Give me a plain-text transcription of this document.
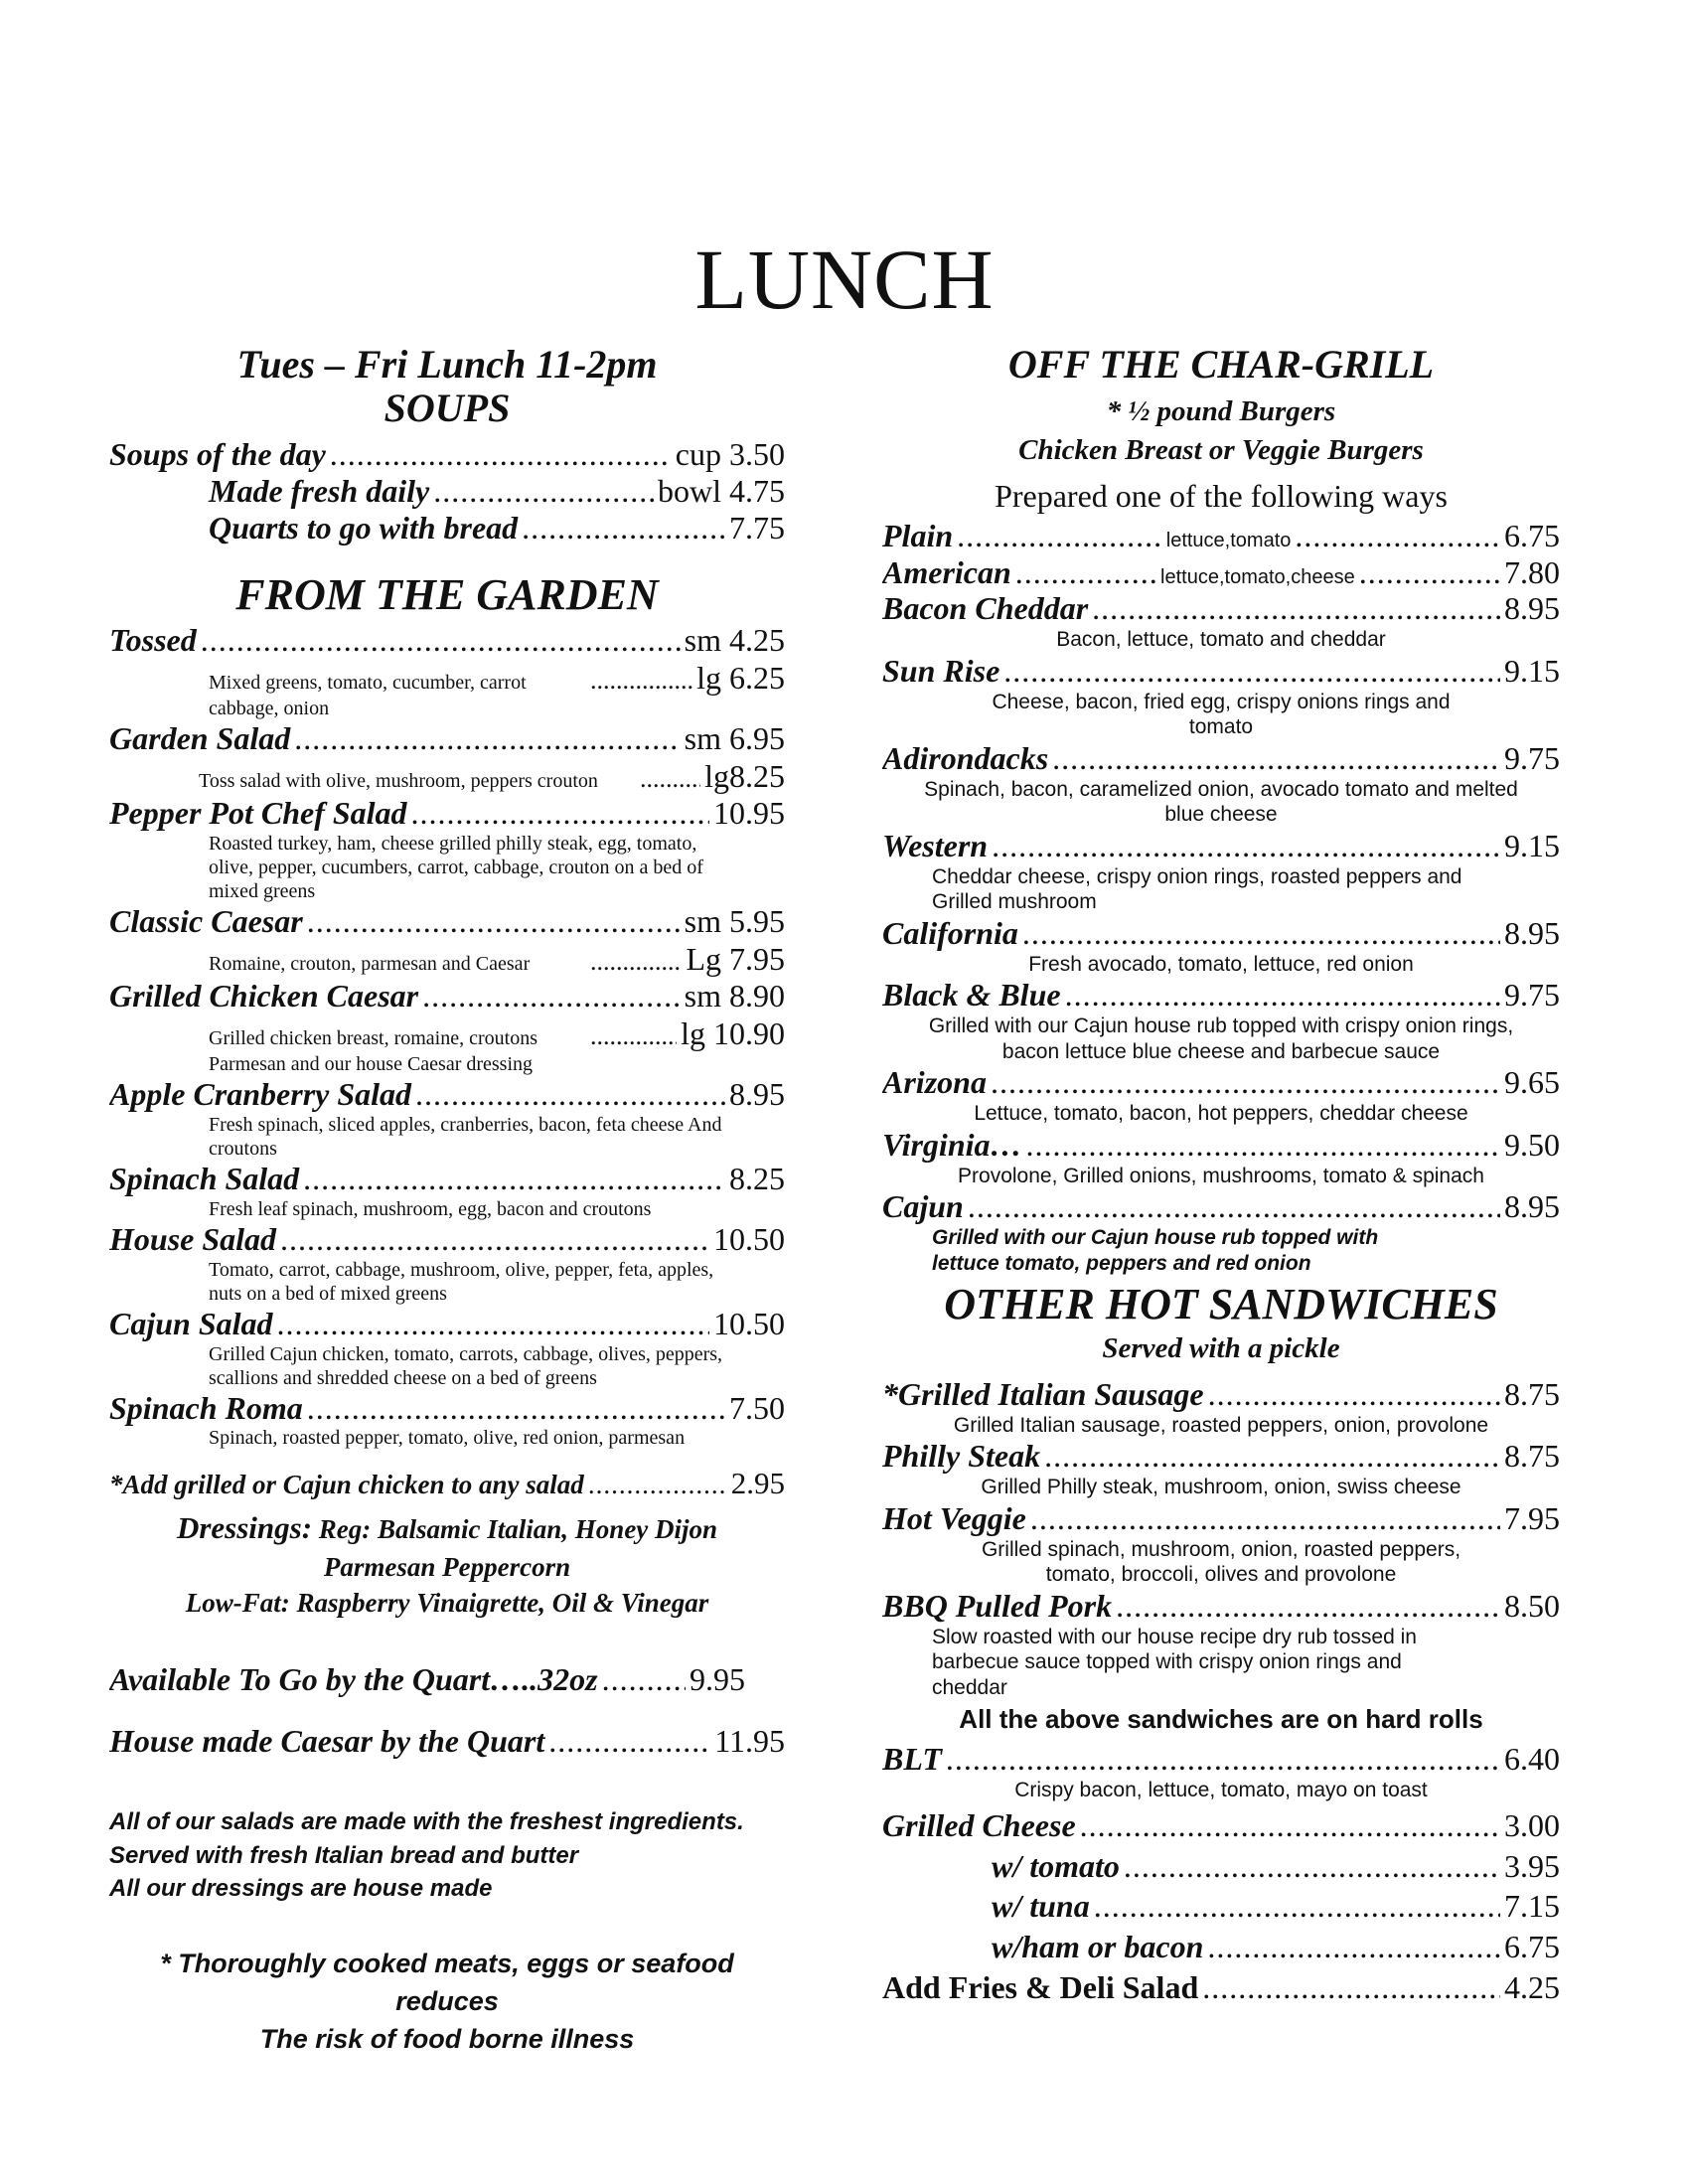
LUNCH
Tues – Fri Lunch 11-2pm
SOUPS
Soups of the day .....	cup 3.50
Made fresh daily .....	bowl 4.75
Quarts to go with bread .....	7.75
FROM THE GARDEN
Tossed .....	sm 4.25
Mixed greens, tomato, cucumber, carrot .....	lg 6.25
cabbage, onion
Garden Salad .....	sm 6.95
Toss salad with olive, mushroom, peppers crouton .....	lg8.25
Pepper Pot Chef Salad .....	10.95
Roasted turkey, ham, cheese grilled philly steak, egg, tomato, olive, pepper, cucumbers, carrot, cabbage, crouton on a bed of mixed greens
Classic Caesar .....	sm 5.95
Romaine, crouton, parmesan and Caesar .....	Lg 7.95
Grilled Chicken Caesar .....	sm 8.90
Grilled chicken breast, romaine, croutons .....	lg 10.90
Parmesan and our house Caesar dressing
Apple Cranberry Salad .....	8.95
Fresh spinach, sliced apples, cranberries, bacon, feta cheese And croutons
Spinach Salad .....	8.25
Fresh leaf spinach, mushroom, egg, bacon and croutons
House Salad .....	10.50
Tomato, carrot, cabbage, mushroom, olive, pepper, feta, apples, nuts on a bed of mixed greens
Cajun Salad .....	10.50
Grilled Cajun chicken, tomato, carrots, cabbage, olives, peppers, scallions and shredded cheese on a bed of greens
Spinach Roma .....	7.50
Spinach, roasted pepper, tomato, olive, red onion, parmesan
*Add grilled or Cajun chicken to any salad .....	2.95
Dressings: Reg: Balsamic Italian, Honey Dijon
Parmesan Peppercorn
Low-Fat: Raspberry Vinaigrette, Oil & Vinegar
Available To Go by the Quart…..32oz .....	9.95
House made Caesar by the Quart .....	11.95
All of our salads are made with the freshest ingredients.
Served with fresh Italian bread and butter
All our dressings are house made
* Thoroughly cooked meats, eggs or seafood reduces
The risk of food borne illness
OFF THE CHAR-GRILL
* ½ pound Burgers
Chicken Breast or Veggie Burgers
Prepared one of the following ways
Plain .....	lettuce,tomato .....	6.75
American .....	lettuce,tomato,cheese .....	7.80
Bacon Cheddar .....	8.95
Bacon, lettuce, tomato and cheddar
Sun Rise .....	9.15
Cheese, bacon, fried egg, crispy onions rings and tomato
Adirondacks .....	9.75
Spinach, bacon, caramelized onion, avocado tomato and melted blue cheese
Western .....	9.15
Cheddar cheese, crispy onion rings, roasted peppers and Grilled mushroom
California .....	8.95
Fresh avocado, tomato, lettuce, red onion
Black & Blue .....	9.75
Grilled with our Cajun house rub topped with crispy onion rings, bacon lettuce blue cheese and barbecue sauce
Arizona .....	9.65
Lettuce, tomato, bacon, hot peppers, cheddar cheese
Virginia… .....	9.50
Provolone, Grilled onions, mushrooms, tomato & spinach
Cajun .....	8.95
Grilled with our Cajun house rub topped with lettuce tomato, peppers and red onion
OTHER HOT SANDWICHES
Served with a pickle
*Grilled Italian Sausage .....	8.75
Grilled Italian sausage, roasted peppers, onion, provolone
Philly Steak .....	8.75
Grilled Philly steak, mushroom, onion, swiss cheese
Hot Veggie .....	7.95
Grilled spinach, mushroom, onion, roasted peppers, tomato, broccoli, olives and provolone
BBQ Pulled Pork .....	8.50
Slow roasted with our house recipe dry rub tossed in barbecue sauce topped with crispy onion rings and cheddar
All the above sandwiches are on hard rolls
BLT .....	6.40
Crispy bacon, lettuce, tomato, mayo on toast
Grilled Cheese .....	3.00
w/ tomato .....	3.95
w/ tuna .....	7.15
w/ham or bacon .....	6.75
Add Fries & Deli Salad .....	4.25
